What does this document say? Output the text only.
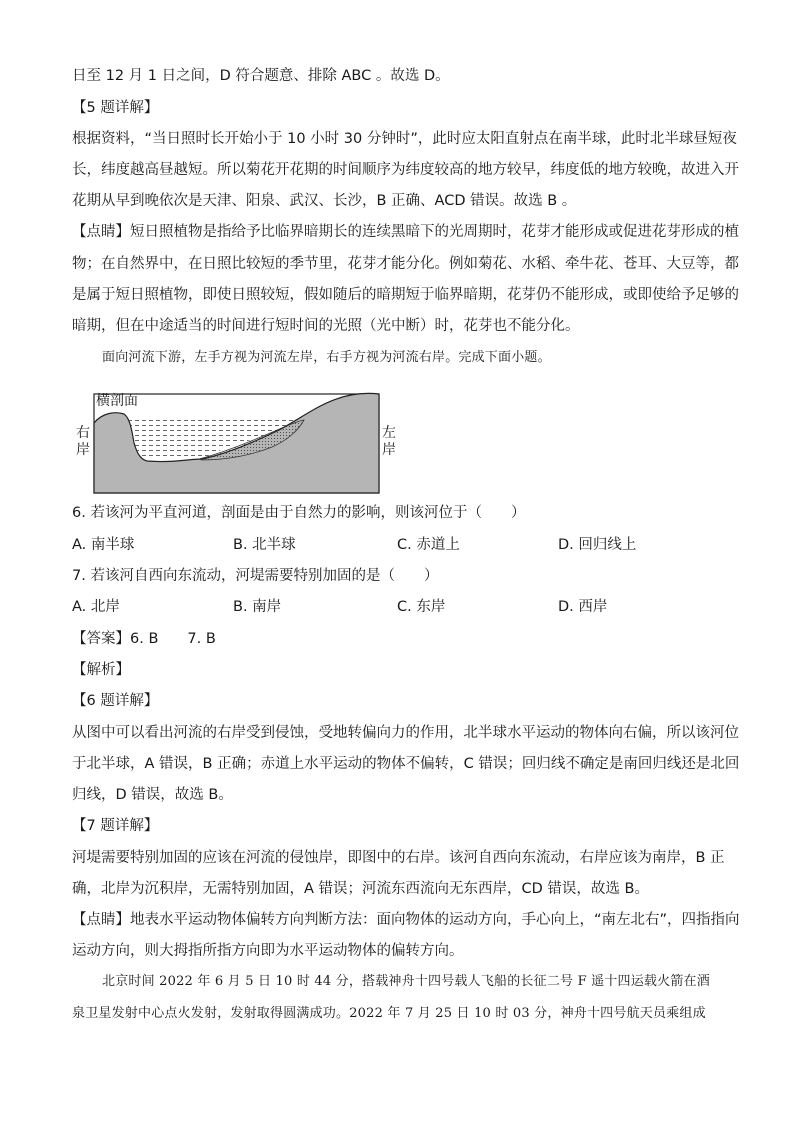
日至 12 月 1 日之间，D 符合题意、排除 ABC 。故选 D。
【5 题详解】
根据资料，“当日照时长开始小于 10 小时 30 分钟时”，此时应太阳直射点在南半球，此时北半球昼短夜
长，纬度越高昼越短。所以菊花开花期的时间顺序为纬度较高的地方较早，纬度低的地方较晚，故进入开
花期从早到晚依次是天津、阳泉、武汉、长沙，B 正确、ACD 错误。故选 B 。
【点睛】短日照植物是指给予比临界暗期长的连续黑暗下的光周期时，花芽才能形成或促进花芽形成的植
物；在自然界中，在日照比较短的季节里，花芽才能分化。例如菊花、水稻、牵牛花、苍耳、大豆等，都
是属于短日照植物，即使日照较短，假如随后的暗期短于临界暗期，花芽仍不能形成，或即使给予足够的
暗期，但在中途适当的时间进行短时间的光照（光中断）时，花芽也不能分化。
面向河流下游，左手方视为河流左岸，右手方视为河流右岸。完成下面小题。
横剖面
右
岸
左
岸
6. 若该河为平直河道，剖面是由于自然力的影响，则该河位于（　　）
A. 南半球	B. 北半球	C. 赤道上	D. 回归线上
7. 若该河自西向东流动，河堤需要特别加固的是（　　）
A. 北岸	B. 南岸	C. 东岸	D. 西岸
【答案】6. B　　7. B
【解析】
【6 题详解】
从图中可以看出河流的右岸受到侵蚀，受地转偏向力的作用，北半球水平运动的物体向右偏，所以该河位
于北半球，A 错误，B 正确；赤道上水平运动的物体不偏转，C 错误；回归线不确定是南回归线还是北回
归线，D 错误，故选 B。
【7 题详解】
河堤需要特别加固的应该在河流的侵蚀岸，即图中的右岸。该河自西向东流动，右岸应该为南岸，B 正
确，北岸为沉积岸，无需特别加固，A 错误；河流东西流向无东西岸，CD 错误，故选 B。
【点睛】地表水平运动物体偏转方向判断方法：面向物体的运动方向，手心向上，“南左北右”，四指指向
运动方向，则大拇指所指方向即为水平运动物体的偏转方向。
北京时间 2022 年 6 月 5 日 10 时 44 分，搭载神舟十四号载人飞船的长征二号 F 遥十四运载火箭在酒
泉卫星发射中心点火发射，发射取得圆满成功。2022 年 7 月 25 日 10 时 03 分，神舟十四号航天员乘组成
